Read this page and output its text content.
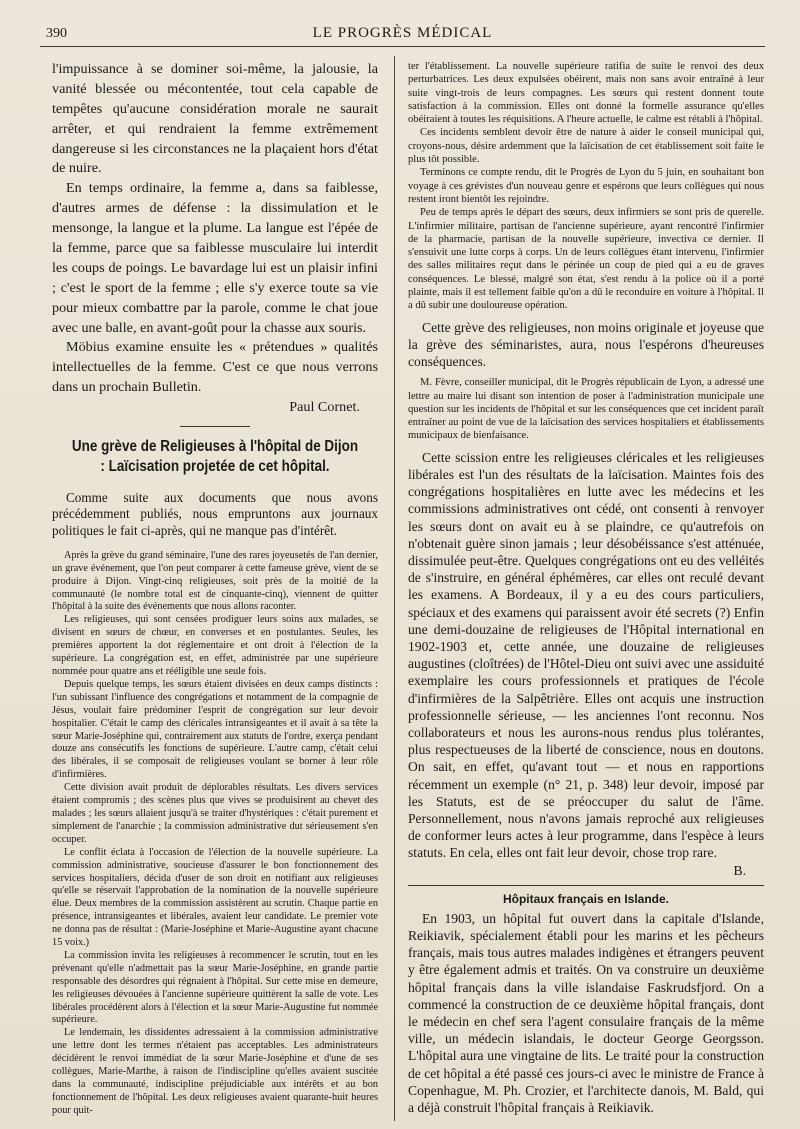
390	LE PROGRÈS MÉDICAL

l'impuissance à se dominer soi-même, la jalousie, la vanité blessée ou mécontentée, tout cela capable de tempêtes qu'aucune considération morale ne saurait arrêter, et qui rendraient la femme extrêmement dangereuse si les circonstances ne la plaçaient hors d'état de nuire.

En temps ordinaire, la femme a, dans sa faiblesse, d'autres armes de défense : la dissimulation et le mensonge, la langue et la plume. La langue est l'épée de la femme, parce que sa faiblesse musculaire lui interdit les coups de poings. Le bavardage lui est un plaisir infini ; c'est le sport de la femme ; elle s'y exerce toute sa vie pour mieux combattre par la parole, comme le chat joue avec une balle, en avant-goût pour la chasse aux souris.

Möbius examine ensuite les « prétendues » qualités intellectuelles de la femme. C'est ce que nous verrons dans un prochain Bulletin.

Paul Cornet.
Une grève de Religieuses à l'hôpital de Dijon : Laïcisation projetée de cet hôpital.

Comme suite aux documents que nous avons précédemment publiés, nous empruntons aux journaux politiques le fait ci-après, qui ne manque pas d'intérêt.

Après la grève du grand séminaire, l'une des rares joyeusetés de l'an dernier, un grave événement, que l'on peut comparer à cette fameuse grève, vient de se produire à Dijon. Vingt-cinq religieuses, soit près de la moitié de la communauté (le nombre total est de cinquante-cinq), viennent de quitter l'hôpital à la suite des événements que nous allons raconter.

Les religieuses, qui sont censées prodiguer leurs soins aux malades, se divisent en sœurs de chœur, en converses et en postulantes. Seules, les premières apportent la dot réglementaire et ont droit à l'élection de la supérieure. La congrégation est, en effet, administrée par une supérieure nommée pour quatre ans et rééligible une seule fois.

Depuis quelque temps, les sœurs étaient divisées en deux camps distincts : l'un subissant l'influence des congrégations et notamment de la compagnie de Jésus, voulait faire prédominer l'esprit de congrégation sur leur devoir hospitalier. C'était le camp des cléricales intransigeantes et il avait à sa tête la sœur Marie-Joséphine qui, contrairement aux statuts de l'ordre, exerça pendant douze ans consécutifs les fonctions de supérieure. L'autre camp, c'était celui des libérales, il se composait de religieuses voulant se borner à leur rôle d'infirmières.

Cette division avait produit de déplorables résultats. Les divers services étaient compromis ; des scènes plus que vives se produisirent au chevet des malades ; les sœurs allaient jusqu'à se traiter d'hystériques : c'était purement et simplement de l'anarchie ; la commission administrative dut sérieusement s'en occuper.

Le conflit éclata à l'occasion de l'élection de la nouvelle supérieure. La commission administrative, soucieuse d'assurer le bon fonctionnement des services hospitaliers, décida d'user de son droit en notifiant aux religieuses qu'elle se réservait l'approbation de la nomination de la nouvelle supérieure élue. Deux membres de la commission assistèrent au scrutin. Chaque partie en présence, intransigeantes et libérales, avaient leur candidate. Le premier vote ne donna pas de résultat : (Marie-Joséphine et Marie-Augustine ayant chacune 15 voix.)

La commission invita les religieuses à recommencer le scrutin, tout en les prévenant qu'elle n'admettait pas la sœur Marie-Joséphine, en grande partie responsable des désordres qui régnaient à l'hôpital. Sur cette mise en demeure, les religieuses dévouées à l'ancienne supérieure quittèrent la salle de vote. Les libérales procédèrent alors à l'élection et la sœur Marie-Augustine fut nommée supérieure.

Le lendemain, les dissidentes adressaient à la commission administrative une lettre dont les termes n'étaient pas acceptables. Les administrateurs décidèrent le renvoi immédiat de la sœur Marie-Joséphine et d'une de ses collègues, Marie-Marthe, à raison de l'indiscipline qu'elles avaient suscitée dans la communauté, indiscipline préjudiciable aux intérêts et au bon fonctionnement de l'hôpital. Les deux religieuses avaient quarante-huit heures pour quit-

ter l'établissement. La nouvelle supérieure ratifia de suite le renvoi des deux perturbatrices. Les deux expulsées obéirent, mais non sans avoir entraîné à leur suite vingt-trois de leurs compagnes. Les sœurs qui restent donnent toute satisfaction à la commission. Elles ont donné la formelle assurance qu'elles obéiraient à toutes les réquisitions. A l'heure actuelle, le calme est rétabli à l'hôpital.

Ces incidents semblent devoir être de nature à aider le conseil municipal qui, croyons-nous, désire ardemment que la laïcisation de cet établissement soit faite le plus tôt possible.

Terminons ce compte rendu, dit le Progrès de Lyon du 5 juin, en souhaitant bon voyage à ces grévistes d'un nouveau genre et espérons que leurs collègues qui nous restent iront bientôt les rejoindre.

Peu de temps après le départ des sœurs, deux infirmiers se sont pris de querelle. L'infirmier militaire, partisan de l'ancienne supérieure, ayant rencontré l'infirmier de la pharmacie, partisan de la nouvelle supérieure, invectiva ce dernier. Il s'ensuivit une lutte corps à corps. Un de leurs collègues étant intervenu, l'infirmier des salles militaires reçut dans le périnée un coup de pied qui a eu de graves conséquences. Le blessé, malgré son état, s'est rendu à la police où il a porté plainte, mais il est tellement faible qu'on a dû le reconduire en voiture à l'hôpital. Il a dû subir une douloureuse opération.

Cette grève des religieuses, non moins originale et joyeuse que la grève des séminaristes, aura, nous l'espérons d'heureuses conséquences.

M. Fèvre, conseiller municipal, dit le Progrès républicain de Lyon, a adressé une lettre au maire lui disant son intention de poser à l'administration municipale une question sur les incidents de l'hôpital et sur les conséquences que cet incident paraît entraîner au point de vue de la laïcisation des services hospitaliers et établissements municipaux de bienfaisance.

Cette scission entre les religieuses cléricales et les religieuses libérales est l'un des résultats de la laïcisation. Maintes fois des congrégations hospitalières en lutte avec les médecins et les commissions administratives ont cédé, ont consenti à renvoyer les sœurs dont on avait eu à se plaindre, ce qu'autrefois on n'obtenait guère sinon jamais ; leur désobéissance s'est atténuée, dissimulée peut-être. Quelques congrégations ont eu des velléités de s'instruire, en général éphémères, car elles ont reculé devant les examens. A Bordeaux, il y a eu des cours particuliers, spéciaux et des examens qui paraissent avoir été secrets (?) Enfin une demi-douzaine de religieuses de l'Hôpital international en 1902-1903 et, cette année, une douzaine de religieuses augustines (cloîtrées) de l'Hôtel-Dieu ont suivi avec une assiduité exemplaire les cours professionnels et pratiques de l'école d'infirmières de la Salpêtrière. Elles ont acquis une instruction professionnelle sérieuse, — les anciennes l'ont reconnu. Nos collaborateurs et nous les aurons-nous rendus plus tolérantes, plus respectueuses de la liberté de conscience, nous en doutons. On sait, en effet, qu'avant tout — et nous en rapportions récemment un exemple (n° 21, p. 348) leur devoir, imposé par les Statuts, est de se préoccuper du salut de l'âme. Personnellement, nous n'avons jamais reproché aux religieuses de conformer leurs actes à leur programme, dans l'espèce à leurs statuts. En cela, elles ont fait leur devoir, chose trop rare.

B.
Hôpitaux français en Islande.

En 1903, un hôpital fut ouvert dans la capitale d'Islande, Reikiavik, spécialement établi pour les marins et les pêcheurs français, mais tous autres malades indigènes et étrangers peuvent y être également admis et traités. On va construire un deuxième hôpital français dans la ville islandaise Faskrudsfjord. On a commencé la construction de ce deuxième hôpital français, dont le médecin en chef sera l'agent consulaire français de la même ville, un médecin islandais, le docteur George Georgsson. L'hôpital aura une vingtaine de lits. Le traité pour la construction de cet hôpital a été passé ces jours-ci avec le ministre de France à Copenhague, M. Ph. Crozier, et l'architecte danois, M. Bald, qui a déjà construit l'hôpital français à Reikiavik.
